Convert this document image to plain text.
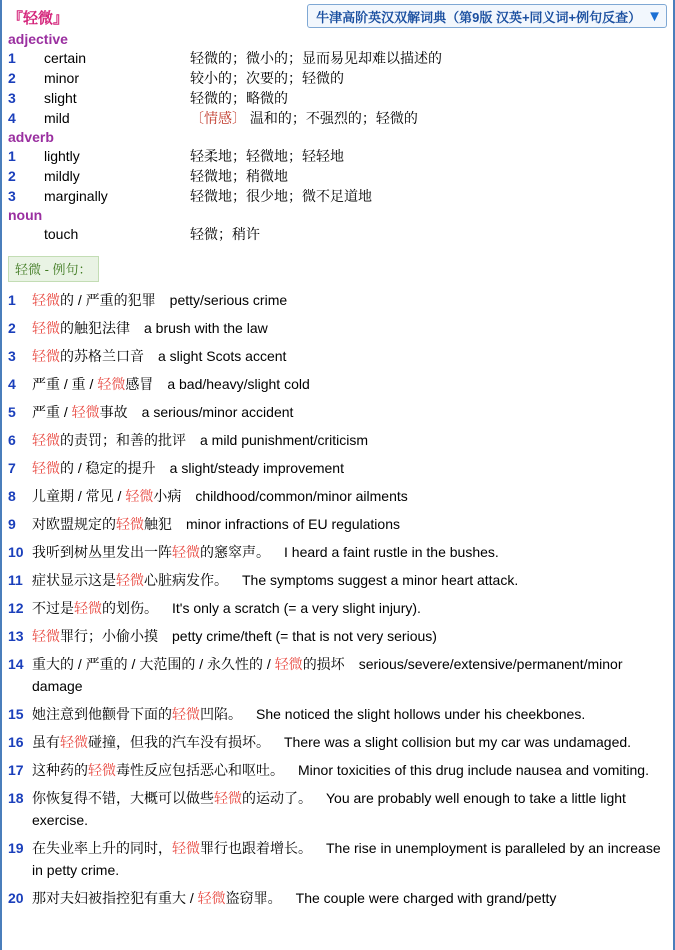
『轻微』	牛津高阶英汉双解词典（第9版 汉英+同义词+例句反查） ▼
adjective
1	certain	轻微的；微小的；显而易见却难以描述的
2	minor	较小的；次要的；轻微的
3	slight	轻微的；略微的
4	mild	〔情感〕 温和的；不强烈的；轻微的
adverb
1	lightly	轻柔地；轻微地；轻轻地
2	mildly	轻微地；稍微地
3	marginally	轻微地；很少地；微不足道地
noun
touch	轻微；稍许
轻微 - 例句：
1	轻微的 / 严重的犯罪 petty/serious crime
2	轻微的触犯法律 a brush with the law
3	轻微的苏格兰口音 a slight Scots accent
4	严重 / 重 / 轻微感冒 a bad/heavy/slight cold
5	严重 / 轻微事故 a serious/minor accident
6	轻微的责罚；和善的批评 a mild punishment/criticism
7	轻微的 / 稳定的提升 a slight/steady improvement
8	儿童期 / 常见 / 轻微小病 childhood/common/minor ailments
9	对欧盟规定的轻微触犯 minor infractions of EU regulations
10 我听到树丛里发出一阵轻微的窸窣声。 I heard a faint rustle in the bushes.
11 症状显示这是轻微心脏病发作。 The symptoms suggest a minor heart attack.
12 不过是轻微的划伤。 It's only a scratch (= a very slight injury).
13 轻微罪行；小偷小摸 petty crime/theft (= that is not very serious)
14 重大的 / 严重的 / 大范围的 / 永久性的 / 轻微的损坏 serious/severe/extensive/permanent/minor damage
15 她注意到他颧骨下面的轻微凹陷。 She noticed the slight hollows under his cheekbones.
16 虽有轻微碰撞，但我的汽车没有损坏。 There was a slight collision but my car was undamaged.
17 这种药的轻微毒性反应包括恶心和呕吐。 Minor toxicities of this drug include nausea and vomiting.
18 你恢复得不错，大概可以做些轻微的运动了。 You are probably well enough to take a little light exercise.
19 在失业率上升的同时，轻微罪行也跟着增长。 The rise in unemployment is paralleled by an increase in petty crime.
20 那对夫妇被指控犯有重大 / 轻微盗窃罪。 The couple were charged with grand/petty
